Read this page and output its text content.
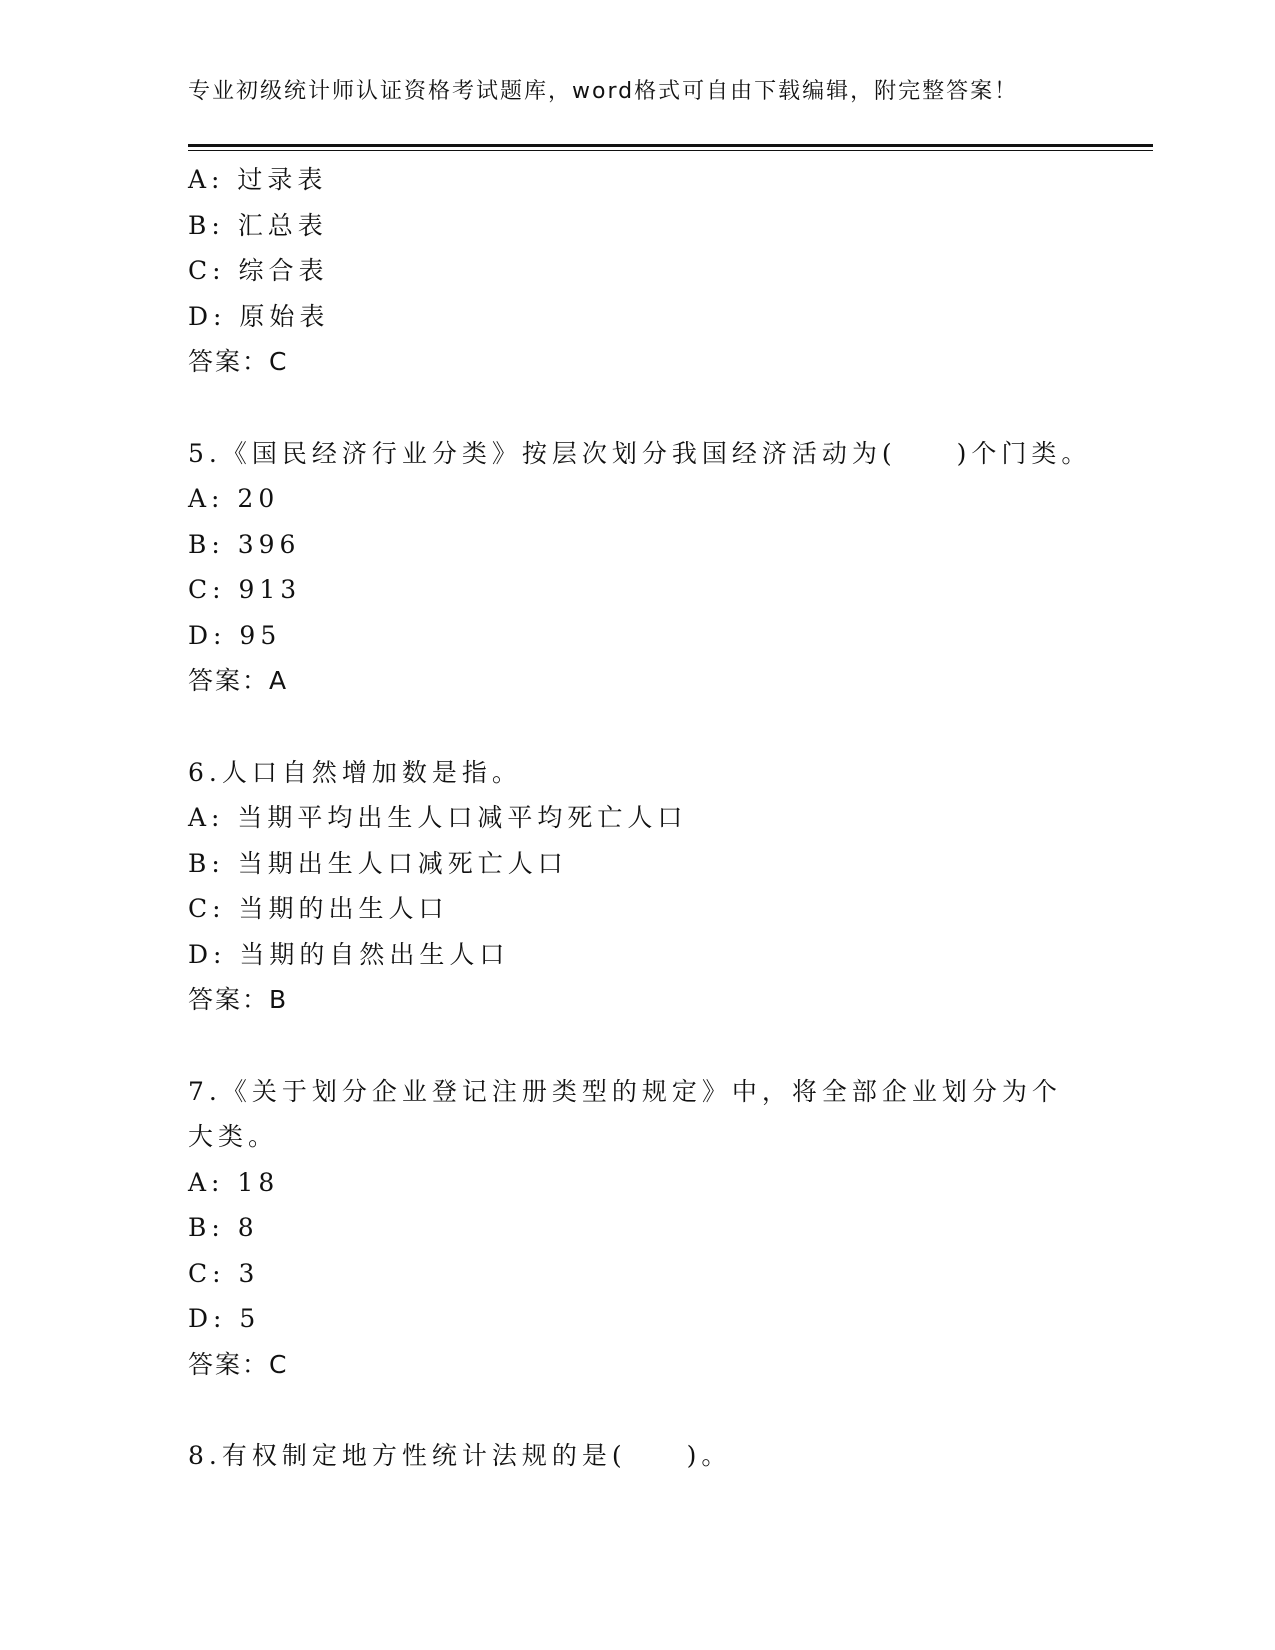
专业初级统计师认证资格考试题库，word格式可自由下载编辑，附完整答案！
A: 过录表
B: 汇总表
C: 综合表
D: 原始表
答案：C
5.《国民经济行业分类》按层次划分我国经济活动为(　　)个门类。
A: 20
B: 396
C: 913
D: 95
答案：A
6.人口自然增加数是指。
A: 当期平均出生人口减平均死亡人口
B: 当期出生人口减死亡人口
C: 当期的出生人口
D: 当期的自然出生人口
答案：B
7.《关于划分企业登记注册类型的规定》中，将全部企业划分为个大类。
A: 18
B: 8
C: 3
D: 5
答案：C
8.有权制定地方性统计法规的是(　　)。
